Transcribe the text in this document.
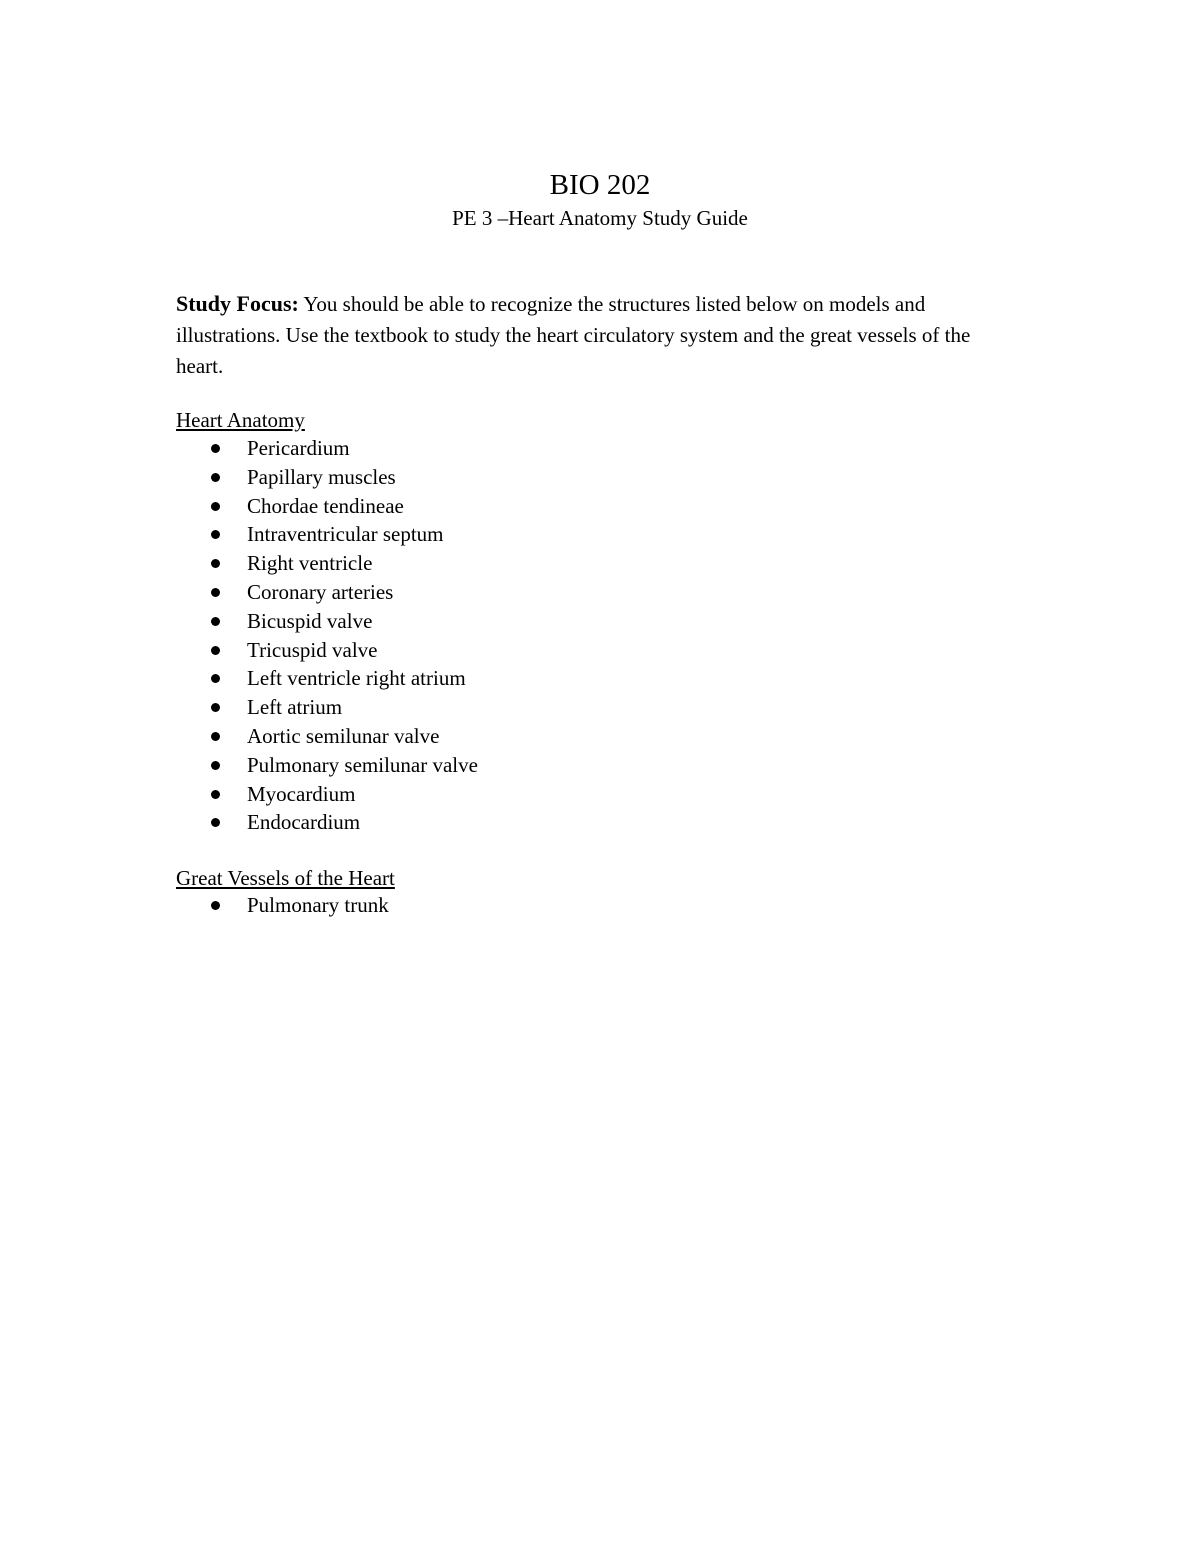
BIO 202
PE 3 –Heart Anatomy Study Guide

Study Focus: You should be able to recognize the structures listed below on models and illustrations. Use the textbook to study the heart circulatory system and the great vessels of the heart.

Heart Anatomy
Pericardium
Papillary muscles
Chordae tendineae
Intraventricular septum
Right ventricle
Coronary arteries
Bicuspid valve
Tricuspid valve
Left ventricle right atrium
Left atrium
Aortic semilunar valve
Pulmonary semilunar valve
Myocardium
Endocardium
Great Vessels of the Heart
Pulmonary trunk
